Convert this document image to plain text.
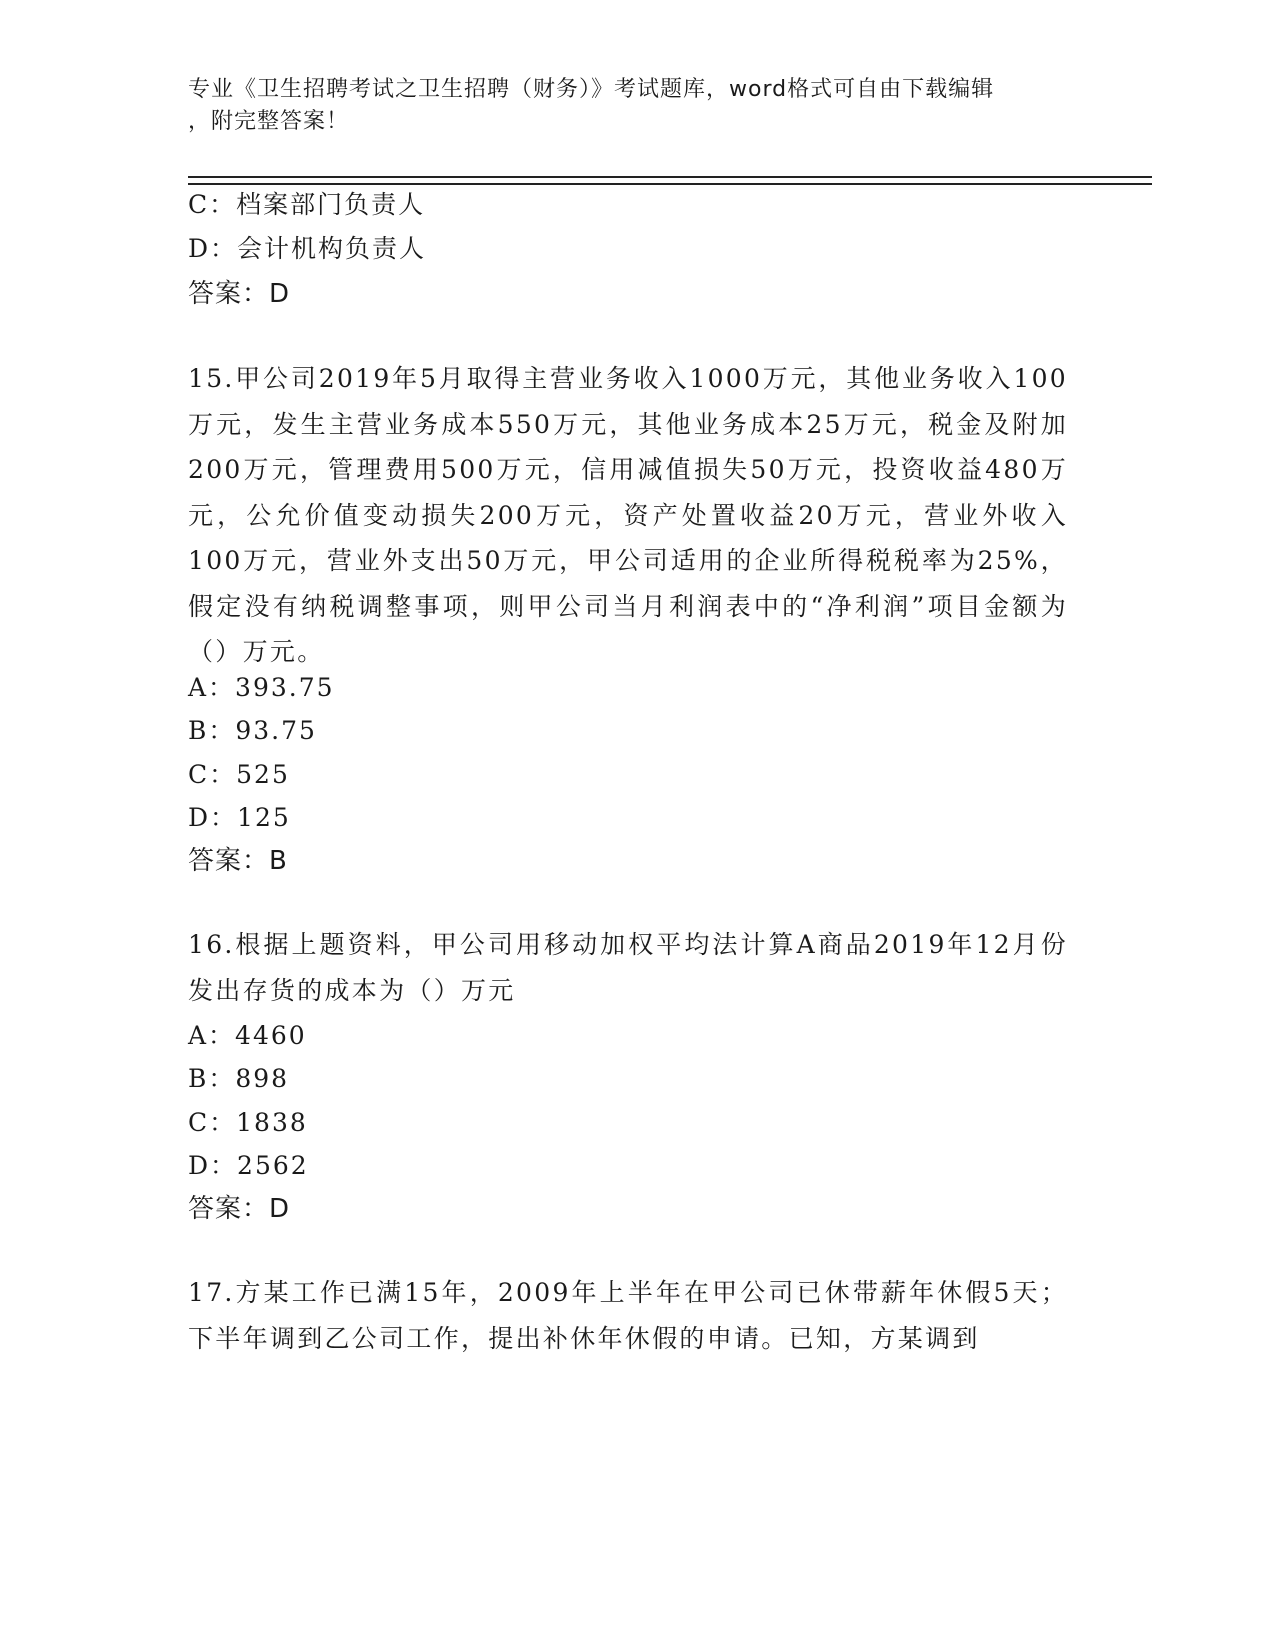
专业《卫生招聘考试之卫生招聘（财务）》考试题库，word格式可自由下载编辑
，附完整答案！
C：档案部门负责人
D：会计机构负责人
答案：D
15.甲公司2019年5月取得主营业务收入1000万元，其他业务收入100万元，发生主营业务成本550万元，其他业务成本25万元，税金及附加200万元，管理费用500万元，信用减值损失50万元，投资收益480万元，公允价值变动损失200万元，资产处置收益20万元，营业外收入100万元，营业外支出50万元，甲公司适用的企业所得税税率为25%，假定没有纳税调整事项，则甲公司当月利润表中的“净利润”项目金额为（）万元。
A：393.75
B：93.75
C：525
D：125
答案：B
16.根据上题资料，甲公司用移动加权平均法计算A商品2019年12月份发出存货的成本为（）万元
A：4460
B：898
C：1838
D：2562
答案：D
17.方某工作已满15年，2009年上半年在甲公司已休带薪年休假5天；下半年调到乙公司工作，提出补休年休假的申请。已知，方某调到
